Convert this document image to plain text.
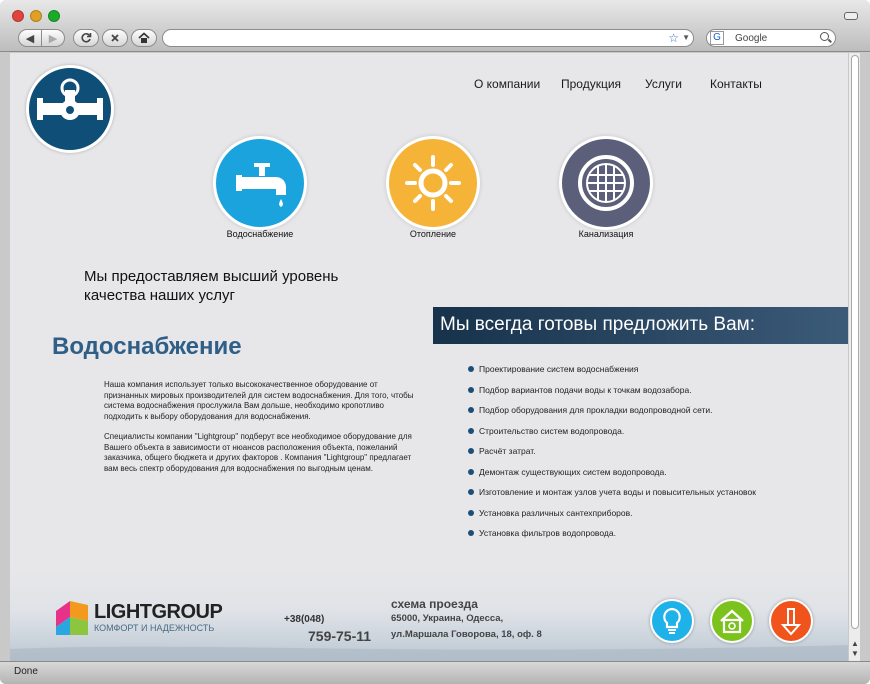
◀ ▶	☆ ▼	G	Google
О компании Продукция Услуги Контакты
Водоснабжение	Отопление	Канализация
Мы предоставляем высший уровень качества наших услуг
Водоснабжение

Наша компания использует только высококачественное оборудование от признанных мировых производителей для систем водоснабжения. Для того, чтобы система водоснабжения прослужила Вам дольше, необходимо кропотливо подходить к выбору оборудования для водоснабжения.

Специалисты компании "Lightgroup" подберут все необходимое оборудование для Вашего объекта в зависимости от нюансов расположения объекта, пожеланий заказчика, общего бюджета и других факторов . Компания "Lightgroup" предлагает вам весь спектр оборудования для водоснабжения по выгодным ценам.

Мы всегда готовы предложить Вам:
Проектирование систем водоснабжения
Подбор вариантов подачи воды к точкам водозабора.
Подбор оборудования для прокладки водопроводной сети.
Строительство систем водопровода.
Расчёт затрат.
Демонтаж существующих систем водопровода.
Изготовление и монтаж узлов учета воды и повысительных установок
Установка различных сантехприборов.
Установка фильтров водопровода.
LIGHTGROUP
КОМФОРТ И НАДЕЖНОСТЬ
+38(048)
759-75-11
схема проезда
65000, Украина, Одесса,
ул.Маршала Говорова, 18, оф. 8
▲
▼
Done
